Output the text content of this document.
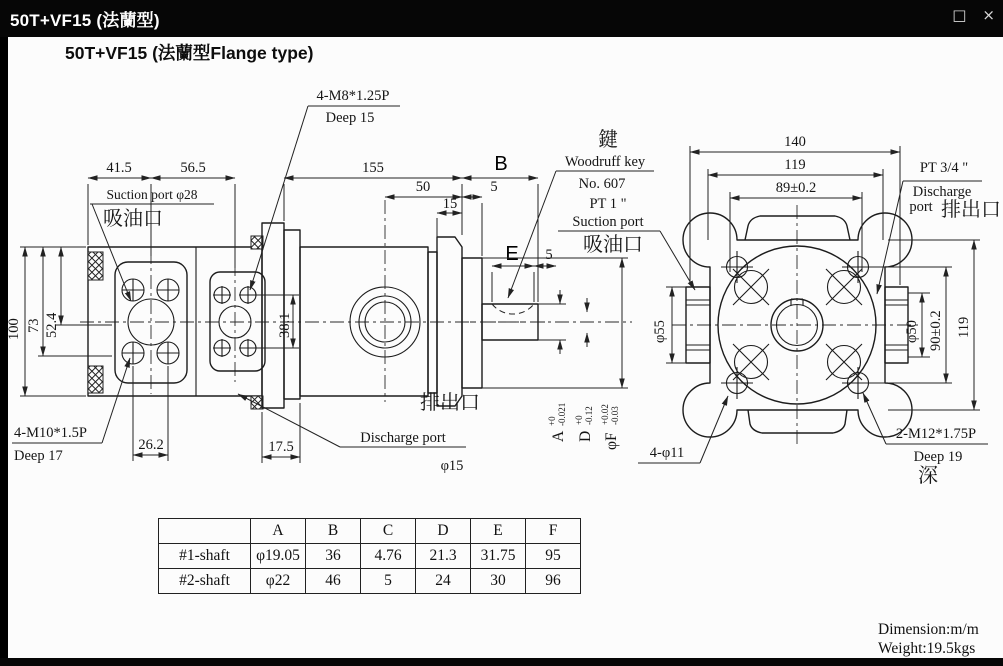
50T+VF15 (法蘭型)	□ ×
50T+VF15 (法蘭型Flange type)
41.5	56.5	155	B
50	5
15
Suction port φ28
吸油口
4-M8*1.25P
Deep 15
100 73 52.4
4-M10*1.5P
Deep 17
26.2	17.5
排出口
Discharge port
φ15
E 5
38.1
A
+0 -0.021
D
+0 -0.12
φF
+0.02 -0.03
140
119
89±0.2
鍵
Woodruff key
No. 607
PT 1 "
Suction port
吸油口
PT 3/4 "
Discharge
port 排出口
φ55	φ50 90±0.2 119
4-φ11
2-M12*1.75P
Deep 19
深
	A	B	C	D	E	F
#1-shaft	φ19.05	36	4.76	21.3	31.75	95
#2-shaft	φ22	46	5	24	30	96
Dimension:m/m
Weight:19.5kgs
